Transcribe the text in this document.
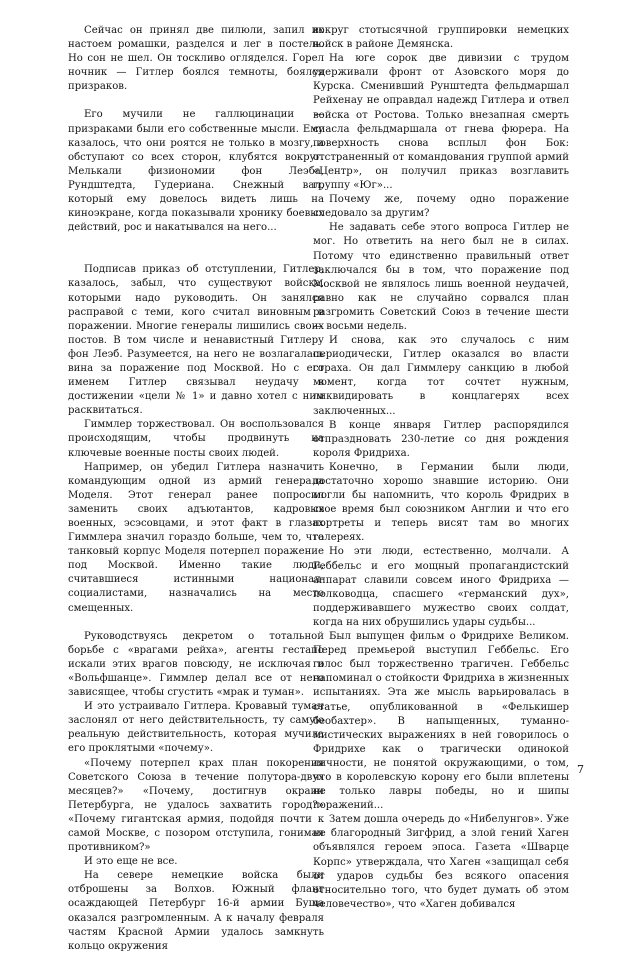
Сейчас он принял две пилюли, запил их настоем ромашки, разделся и лег в постель. Но сон не шел. Он тоскливо огляделся. Горел ночник — Гитлер боялся темноты, боялся призраков.

Его мучили не галлюцинации — призраками были его собственные мысли. Ему казалось, что они роятся не только в мозгу, а обступают со всех сторон, клубятся вокруг. Мелькали физиономии фон Леэба, Рундштедта, Гудериана. Снежный вал, который ему довелось видеть лишь на киноэкране, когда показывали хронику боевых действий, рос и накатывался на него...

Подписав приказ об отступлении, Гитлер, казалось, забыл, что существуют войска, которыми надо руководить. Он занялся расправой с теми, кого считал виновным в поражении. Многие генералы лишились своих постов. В том числе и ненавистный Гитлеру фон Леэб. Разумеется, на него не возлагалась вина за поражение под Москвой. Но с его именем Гитлер связывал неудачу в достижении «цели № 1» и давно хотел с ним расквитаться.

Гиммлер торжествовал. Он воспользовался происходящим, чтобы продвинуть на ключевые военные посты своих людей.

Например, он убедил Гитлера назначить командующим одной из армий генерала Моделя. Этот генерал ранее попросил заменить своих адъютантов, кадровых военных, эсэсовцами, и этот факт в глазах Гиммлера значил гораздо больше, чем то, что танковый корпус Моделя потерпел поражение под Москвой. Именно такие люди, считавшиеся истинными национал-социалистами, назначались на место смещенных.

Руководствуясь декретом о тотальной борьбе с «врагами рейха», агенты гестапо искали этих врагов повсюду, не исключая и «Вольфшанце». Гиммлер делал все от него зависящее, чтобы сгустить «мрак и туман».

И это устраивало Гитлера. Кровавый туман заслонял от него действительность, ту самую реальную действительность, которая мучила его проклятыми «почему».

«Почему потерпел крах план покорения Советского Союза в течение полутора-двух месяцев?» «Почему, достигнув окраин Петербурга, не удалось захватить город?» «Почему гигантская армия, подойдя почти к самой Москве, с позором отступила, гонимая противником?»

И это еще не все.

На севере немецкие войска были отброшены за Волхов. Южный фланг осаждающей Петербург 16-й армии Буша оказался разгромленным. А к началу февраля частям Красной Армии удалось замкнуть кольцо окружения

вокруг стотысячной группировки немецких войск в районе Демянска.

На юге сорок две дивизии с трудом удерживали фронт от Азовского моря до Курска. Сменивший Рунштедта фельдмаршал Рейхенау не оправдал надежд Гитлера и отвел войска от Ростова. Только внезапная смерть спасла фельдмаршала от гнева фюрера. На поверхность снова всплыл фон Бок: отстраненный от командования группой армий «Центр», он получил приказ возглавить группу «Юг»...

Почему же, почему одно поражение следовало за другим?

Не задавать себе этого вопроса Гитлер не мог. Но ответить на него был не в силах. Потому что единственно правильный ответ заключался бы в том, что поражение под Москвой не являлось лишь военной неудачей, равно как не случайно сорвался план разгромить Советский Союз в течение шести — восьми недель.

И снова, как это случалось с ним периодически, Гитлер оказался во власти страха. Он дал Гиммлеру санкцию в любой момент, когда тот сочтет нужным, ликвидировать в концлагерях всех заключенных...

В конце января Гитлер распорядился отпраздновать 230-летие со дня рождения короля Фридриха.

Конечно, в Германии были люди, достаточно хорошо знавшие историю. Они могли бы напомнить, что король Фридрих в свое время был союзником Англии и что его портреты и теперь висят там во многих галереях.

Но эти люди, естественно, молчали. А Геббельс и его мощный пропагандистский аппарат славили совсем иного Фридриха — полководца, спасшего «германский дух», поддерживавшего мужество своих солдат, когда на них обрушились удары судьбы...

Был выпущен фильм о Фридрихе Великом. Перед премьерой выступил Геббельс. Его голос был торжественно трагичен. Геббельс напоминал о стойкости Фридриха в жизненных испытаниях. Эта же мысль варьировалась в статье, опубликованной в «Фелькишер беобахтер». В напыщенных, туманно-мистических выражениях в ней говорилось о Фридрихе как о трагически одинокой личности, не понятой окружающими, о том, что в королевскую корону его были вплетены не только лавры победы, но и шипы поражений...

Затем дошла очередь до «Нибелунгов». Уже не благородный Зигфрид, а злой гений Хаген объявлялся героем эпоса. Газета «Шварце Корпс» утверждала, что Хаген «защищал себя от ударов судьбы без всякого опасения относительно того, что будет думать об этом человечество», что «Хаген добивался

7
